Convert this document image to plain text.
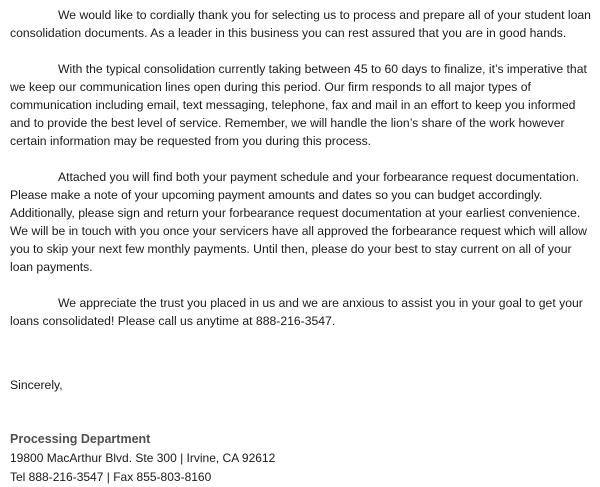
We would like to cordially thank you for selecting us to process and prepare all of your student loan consolidation documents. As a leader in this business you can rest assured that you are in good hands.

With the typical consolidation currently taking between 45 to 60 days to finalize, it’s imperative that we keep our communication lines open during this period. Our firm responds to all major types of communication including email, text messaging, telephone, fax and mail in an effort to keep you informed and to provide the best level of service. Remember, we will handle the lion’s share of the work however certain information may be requested from you during this process.

Attached you will find both your payment schedule and your forbearance request documentation. Please make a note of your upcoming payment amounts and dates so you can budget accordingly. Additionally, please sign and return your forbearance request documentation at your earliest convenience. We will be in touch with you once your servicers have all approved the forbearance request which will allow you to skip your next few monthly payments. Until then, please do your best to stay current on all of your loan payments.

We appreciate the trust you placed in us and we are anxious to assist you in your goal to get your loans consolidated! Please call us anytime at 888-216-3547.

Sincerely,

Processing Department

19800 MacArthur Blvd. Ste 300 | Irvine, CA 92612

Tel 888-216-3547 | Fax 855-803-8160
